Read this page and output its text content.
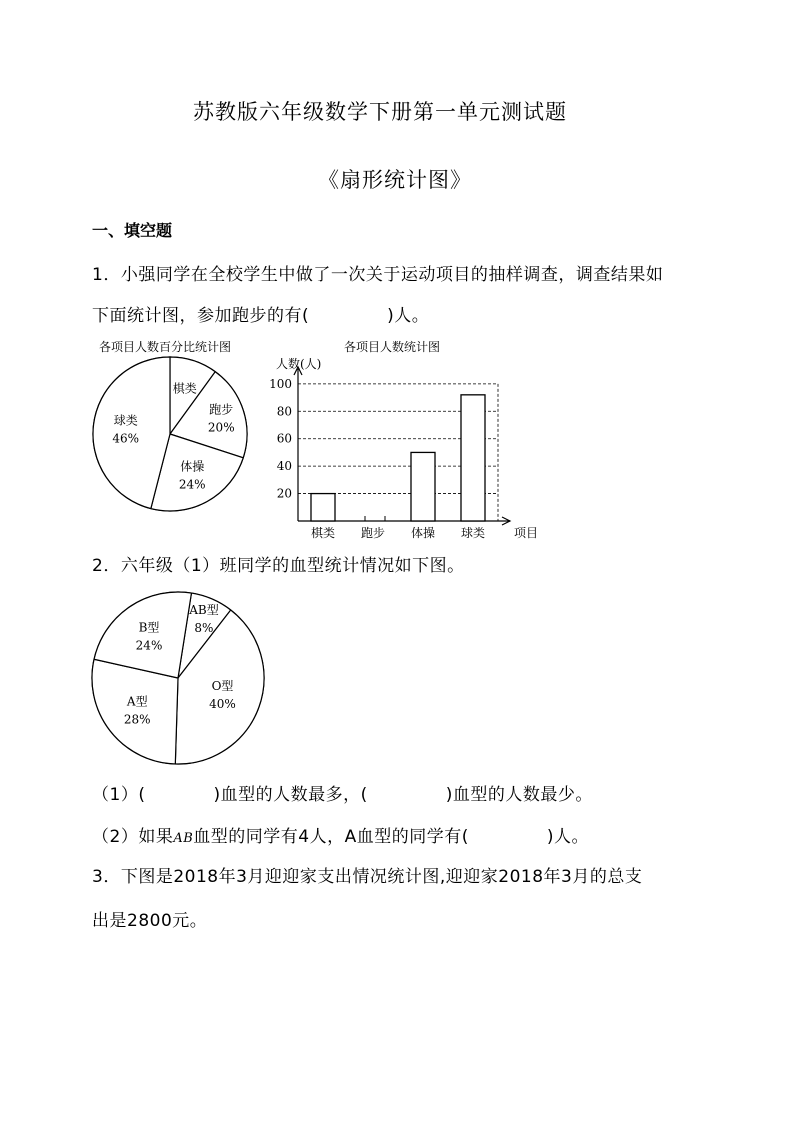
苏教版六年级数学下册第一单元测试题
《扇形统计图》
一、填空题
1．小强同学在全校学生中做了一次关于运动项目的抽样调查，调查结果如
下面统计图，参加跑步的有(	)人。
各项目人数百分比统计图
棋类
跑步
20%
体操
24%
球类
46%
各项目人数统计图
人数(人)
项目
20
40
60
80
100
棋类 跑步 体操 球类
2．六年级（1）班同学的血型统计情况如下图。
AB型
8%
O型
40%
A型
28%
B型
24%
（1）(	)血型的人数最多，(	)血型的人数最少。
（2）如果AB血型的同学有4人，A血型的同学有(	)人。
3．下图是2018年3月迎迎家支出情况统计图,迎迎家2018年3月的总支
出是2800元。
